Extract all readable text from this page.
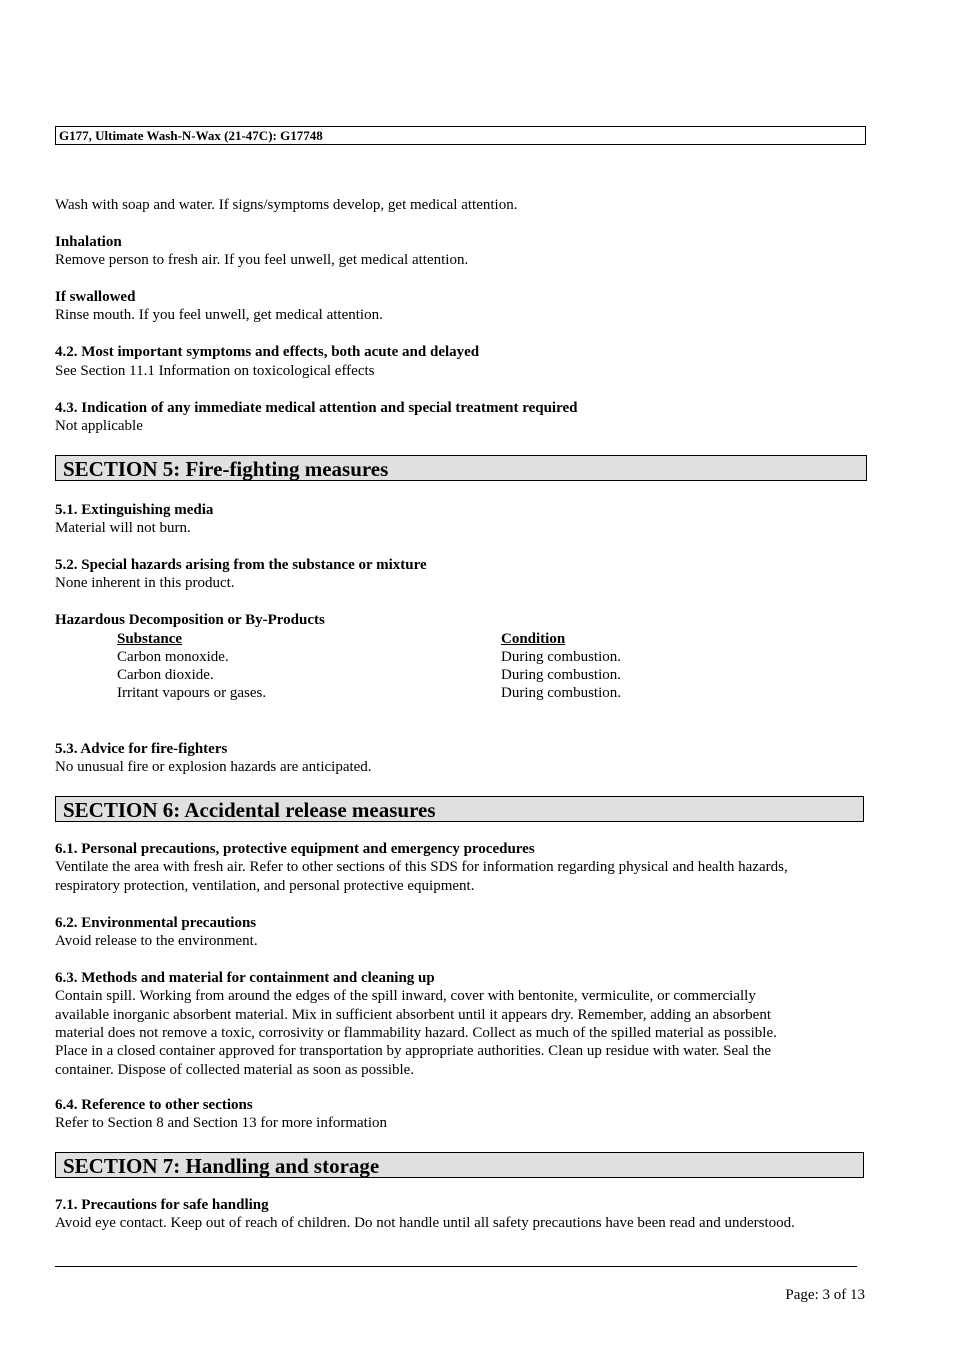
G177, Ultimate Wash-N-Wax (21-47C): G17748
Wash with soap and water. If signs/symptoms develop, get medical attention.
Inhalation
Remove person to fresh air. If you feel unwell, get medical attention.
If swallowed
Rinse mouth. If you feel unwell, get medical attention.
4.2. Most important symptoms and effects, both acute and delayed
See Section 11.1 Information on toxicological effects
4.3. Indication of any immediate medical attention and special treatment required
Not applicable
SECTION 5: Fire-fighting measures
5.1. Extinguishing media
Material will not burn.
5.2. Special hazards arising from the substance or mixture
None inherent in this product.
Hazardous Decomposition or By-Products
Substance	Condition
Carbon monoxide.	During combustion.
Carbon dioxide.	During combustion.
Irritant vapours or gases.	During combustion.
5.3. Advice for fire-fighters
No unusual fire or explosion hazards are anticipated.
SECTION 6: Accidental release measures
6.1. Personal precautions, protective equipment and emergency procedures
Ventilate the area with fresh air. Refer to other sections of this SDS for information regarding physical and health hazards,
respiratory protection, ventilation, and personal protective equipment.
6.2. Environmental precautions
Avoid release to the environment.
6.3. Methods and material for containment and cleaning up
Contain spill. Working from around the edges of the spill inward, cover with bentonite, vermiculite, or commercially
available inorganic absorbent material. Mix in sufficient absorbent until it appears dry. Remember, adding an absorbent
material does not remove a toxic, corrosivity or flammability hazard. Collect as much of the spilled material as possible.
Place in a closed container approved for transportation by appropriate authorities. Clean up residue with water. Seal the
container. Dispose of collected material as soon as possible.
6.4. Reference to other sections
Refer to Section 8 and Section 13 for more information
SECTION 7: Handling and storage
7.1. Precautions for safe handling
Avoid eye contact. Keep out of reach of children. Do not handle until all safety precautions have been read and understood.
Page: 3 of 13
